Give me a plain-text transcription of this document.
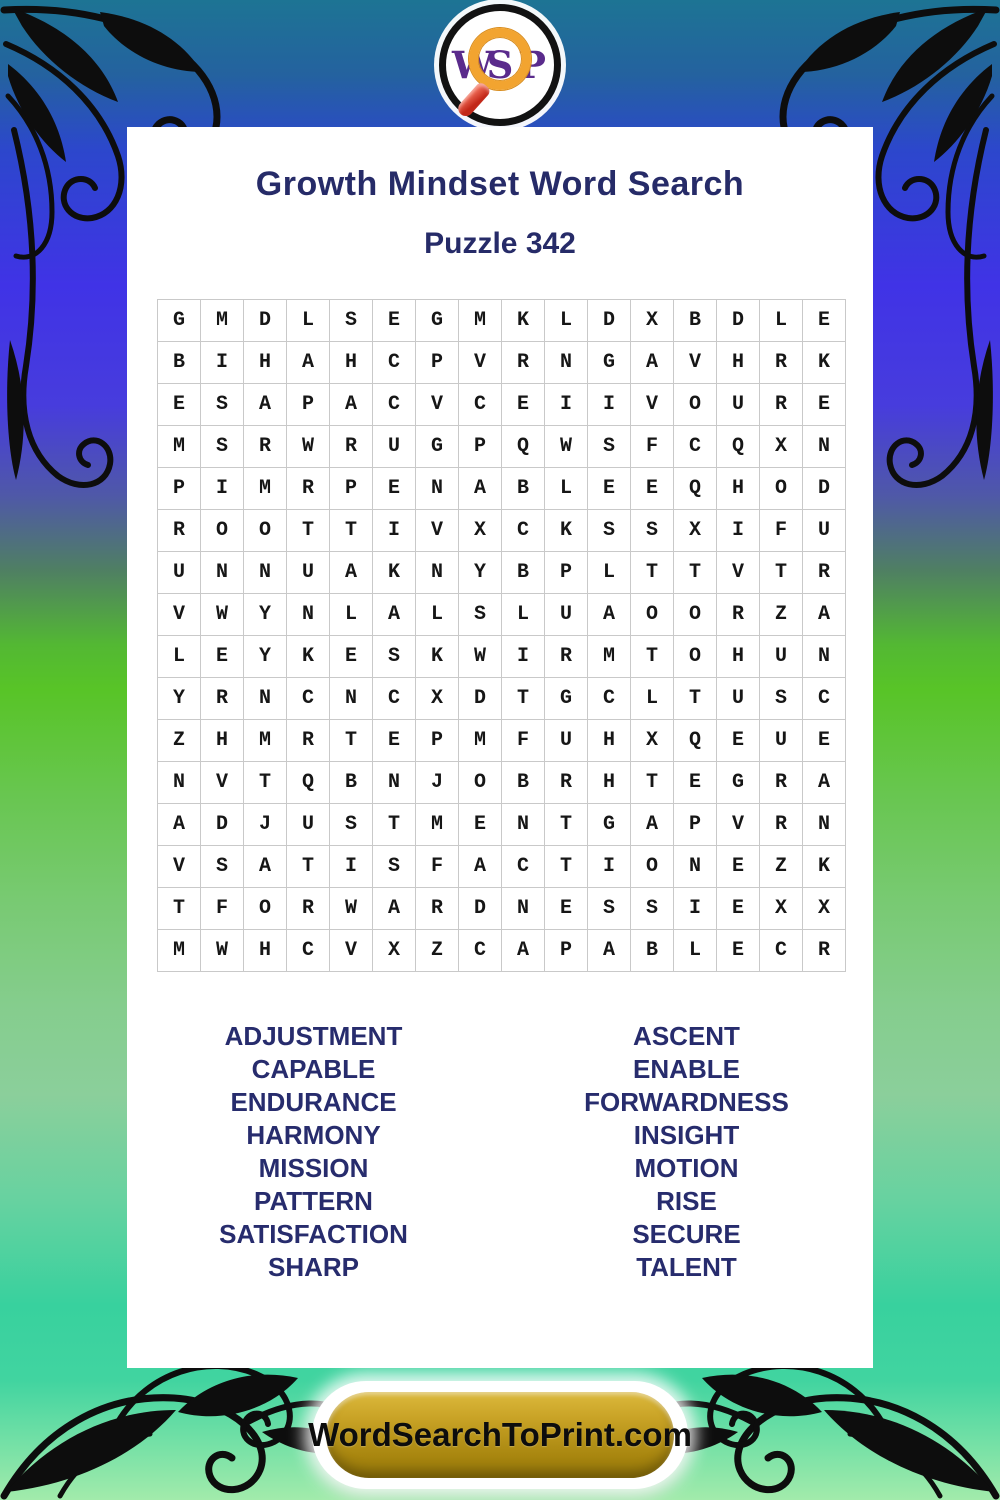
W
S P
Growth Mindset Word Search
Puzzle 342
G	M	D	L	S	E	G	M	K	L	D	X	B	D	L	E
B	I	H	A	H	C	P	V	R	N	G	A	V	H	R	K
E	S	A	P	A	C	V	C	E	I	I	V	O	U	R	E
M	S	R	W	R	U	G	P	Q	W	S	F	C	Q	X	N
P	I	M	R	P	E	N	A	B	L	E	E	Q	H	O	D
R	O	O	T	T	I	V	X	C	K	S	S	X	I	F	U
U	N	N	U	A	K	N	Y	B	P	L	T	T	V	T	R
V	W	Y	N	L	A	L	S	L	U	A	O	O	R	Z	A
L	E	Y	K	E	S	K	W	I	R	M	T	O	H	U	N
Y	R	N	C	N	C	X	D	T	G	C	L	T	U	S	C
Z	H	M	R	T	E	P	M	F	U	H	X	Q	E	U	E
N	V	T	Q	B	N	J	O	B	R	H	T	E	G	R	A
A	D	J	U	S	T	M	E	N	T	G	A	P	V	R	N
V	S	A	T	I	S	F	A	C	T	I	O	N	E	Z	K
T	F	O	R	W	A	R	D	N	E	S	S	I	E	X	X
M	W	H	C	V	X	Z	C	A	P	A	B	L	E	C	R
ADJUSTMENT
CAPABLE
ENDURANCE
HARMONY
MISSION
PATTERN
SATISFACTION
SHARP
ASCENT
ENABLE
FORWARDNESS
INSIGHT
MOTION
RISE
SECURE
TALENT
WordSearchToPrint.com
